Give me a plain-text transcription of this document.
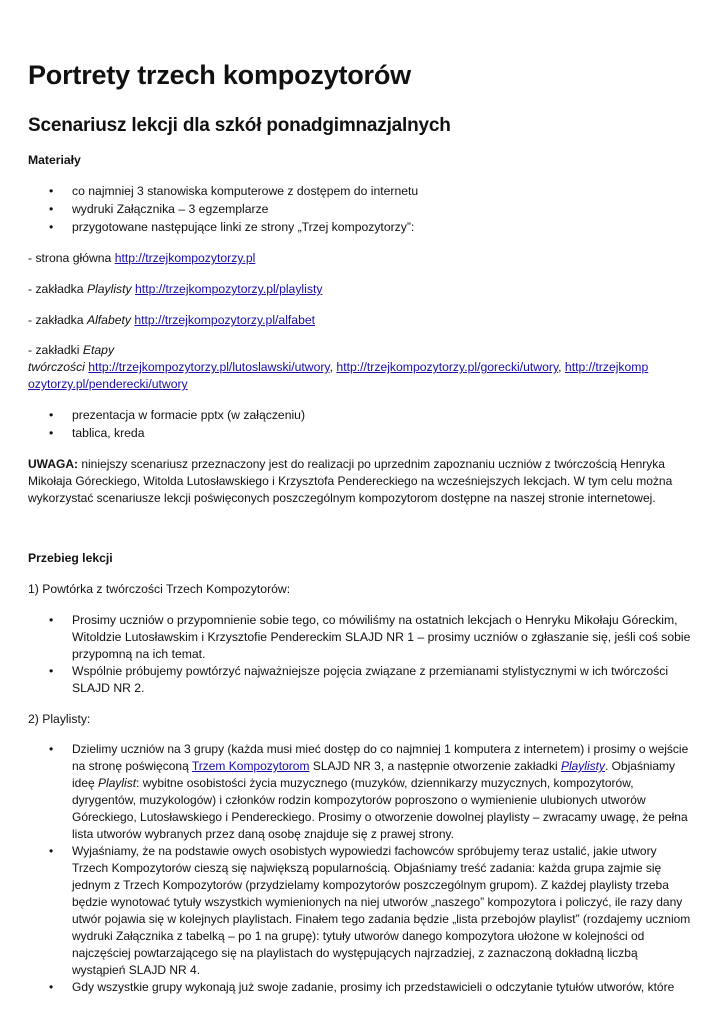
Portrety trzech kompozytorów
Scenariusz lekcji dla szkół ponadgimnazjalnych
Materiały
• co najmniej 3 stanowiska komputerowe z dostępem do internetu
• wydruki Załącznika – 3 egzemplarze
• przygotowane następujące linki ze strony „Trzej kompozytorzy”:
- strona główna http://trzejkompozytorzy.pl
- zakładka Playlisty http://trzejkompozytorzy.pl/playlisty
- zakładka Alfabety http://trzejkompozytorzy.pl/alfabet
- zakładki Etapy
twórczości http://trzejkompozytorzy.pl/lutoslawski/utwory, http://trzejkompozytorzy.pl/gorecki/utwory, http://trzejkomp
ozytorzy.pl/penderecki/utwory
• prezentacja w formacie pptx (w załączeniu)
• tablica, kreda
UWAGA: niniejszy scenariusz przeznaczony jest do realizacji po uprzednim zapoznaniu uczniów z twórczością Henryka Mikołaja Góreckiego, Witolda Lutosławskiego i Krzysztofa Pendereckiego na wcześniejszych lekcjach. W tym celu można wykorzystać scenariusze lekcji poświęconych poszczególnym kompozytorom dostępne na naszej stronie internetowej.
Przebieg lekcji
1) Powtórka z twórczości Trzech Kompozytorów:
• Prosimy uczniów o przypomnienie sobie tego, co mówiliśmy na ostatnich lekcjach o Henryku Mikołaju Góreckim, Witoldzie Lutosławskim i Krzysztofie Pendereckim SLAJD NR 1 – prosimy uczniów o zgłaszanie się, jeśli coś sobie przypomną na ich temat.
• Wspólnie próbujemy powtórzyć najważniejsze pojęcia związane z przemianami stylistycznymi w ich twórczości SLAJD NR 2.
2) Playlisty:
• Dzielimy uczniów na 3 grupy (każda musi mieć dostęp do co najmniej 1 komputera z internetem) i prosimy o wejście na stronę poświęconą Trzem Kompozytorom SLAJD NR 3, a następnie otworzenie zakładki Playlisty. Objaśniamy ideę Playlist: wybitne osobistości życia muzycznego (muzyków, dziennikarzy muzycznych, kompozytorów, dyrygentów, muzykologów) i członków rodzin kompozytorów poproszono o wymienienie ulubionych utworów Góreckiego, Lutosławskiego i Pendereckiego. Prosimy o otworzenie dowolnej playlisty – zwracamy uwagę, że pełna lista utworów wybranych przez daną osobę znajduje się z prawej strony.
• Wyjaśniamy, że na podstawie owych osobistych wypowiedzi fachowców spróbujemy teraz ustalić, jakie utwory Trzech Kompozytorów cieszą się największą popularnością. Objaśniamy treść zadania: każda grupa zajmie się jednym z Trzech Kompozytorów (przydzielamy kompozytorów poszczególnym grupom). Z każdej playlisty trzeba będzie wynotować tytuły wszystkich wymienionych na niej utworów „naszego” kompozytora i policzyć, ile razy dany utwór pojawia się w kolejnych playlistach. Finałem tego zadania będzie „lista przebojów playlist” (rozdajemy uczniom wydruki Załącznika z tabelką – po 1 na grupę): tytuły utworów danego kompozytora ułożone w kolejności od najczęściej powtarzającego się na playlistach do występujących najrzadziej, z zaznaczoną dokładną liczbą wystąpień SLAJD NR 4.
• Gdy wszystkie grupy wykonają już swoje zadanie, prosimy ich przedstawicieli o odczytanie tytułów utworów, które
